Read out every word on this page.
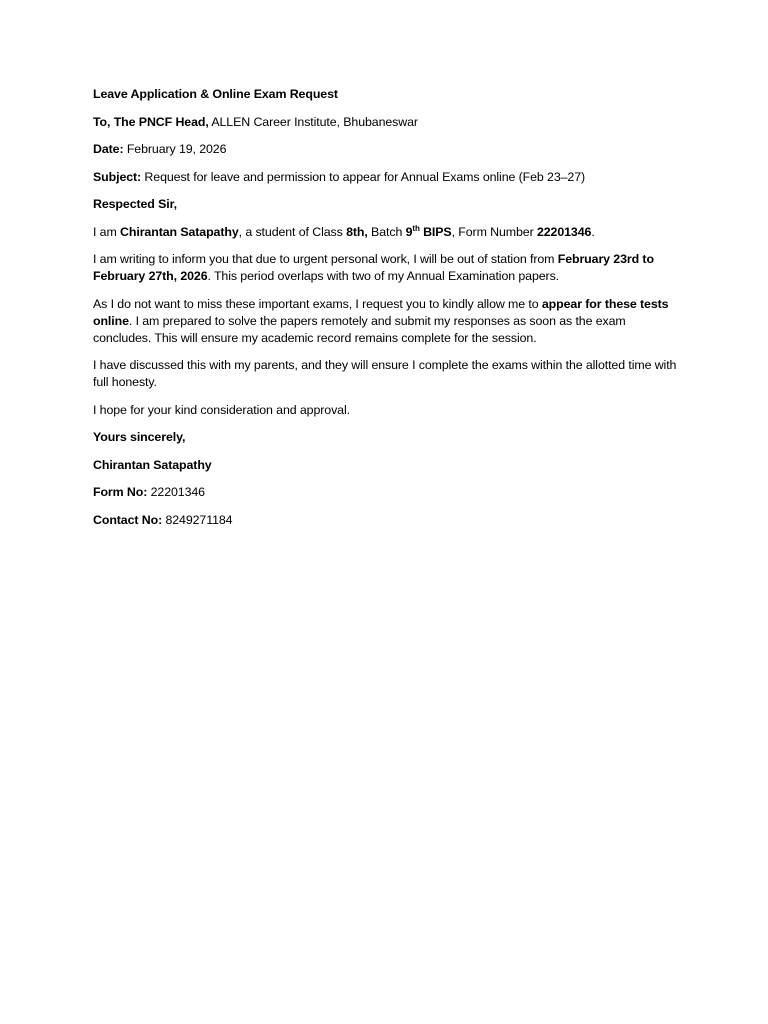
Leave Application & Online Exam Request

To, The PNCF Head, ALLEN Career Institute, Bhubaneswar

Date: February 19, 2026

Subject: Request for leave and permission to appear for Annual Exams online (Feb 23–27)

Respected Sir,

I am Chirantan Satapathy, a student of Class 8th, Batch 9th BIPS, Form Number 22201346.

I am writing to inform you that due to urgent personal work, I will be out of station from February 23rd to February 27th, 2026. This period overlaps with two of my Annual Examination papers.

As I do not want to miss these important exams, I request you to kindly allow me to appear for these tests online. I am prepared to solve the papers remotely and submit my responses as soon as the exam concludes. This will ensure my academic record remains complete for the session.

I have discussed this with my parents, and they will ensure I complete the exams within the allotted time with full honesty.

I hope for your kind consideration and approval.

Yours sincerely,

Chirantan Satapathy

Form No: 22201346

Contact No: 8249271184
